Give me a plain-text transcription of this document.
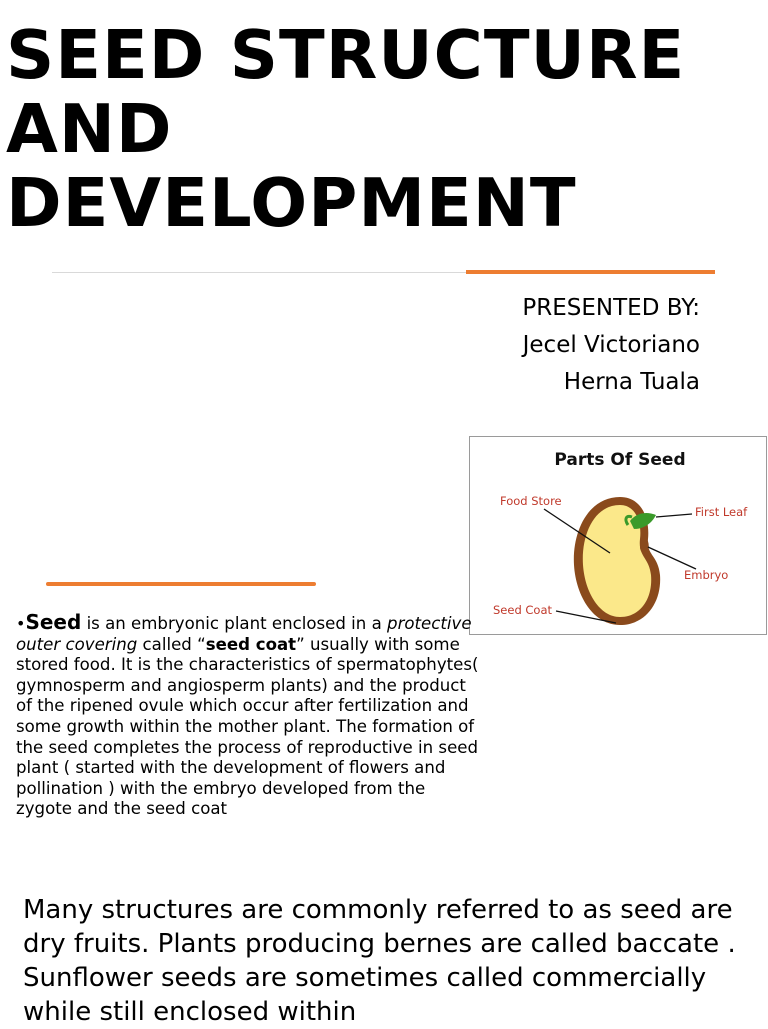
SEED STRUCTURE
AND
DEVELOPMENT
PRESENTED BY:
Jecel Victoriano
Herna Tuala
Parts Of Seed
Food Store
First Leaf
Embryo
Seed Coat

•Seed is an embryonic plant enclosed in a protective outer covering called “seed coat” usually with some stored food. It is the characteristics of spermatophytes( gymnosperm and angiosperm plants) and the product of the ripened ovule which occur after fertilization and some growth within the mother plant. The formation of the seed completes the process of reproductive in seed plant ( started with the development of flowers and pollination ) with the embryo developed from the zygote and the seed coat

Many structures are commonly referred to as seed are dry fruits. Plants producing bernes are called baccate . Sunflower seeds are sometimes called commercially while still enclosed within
